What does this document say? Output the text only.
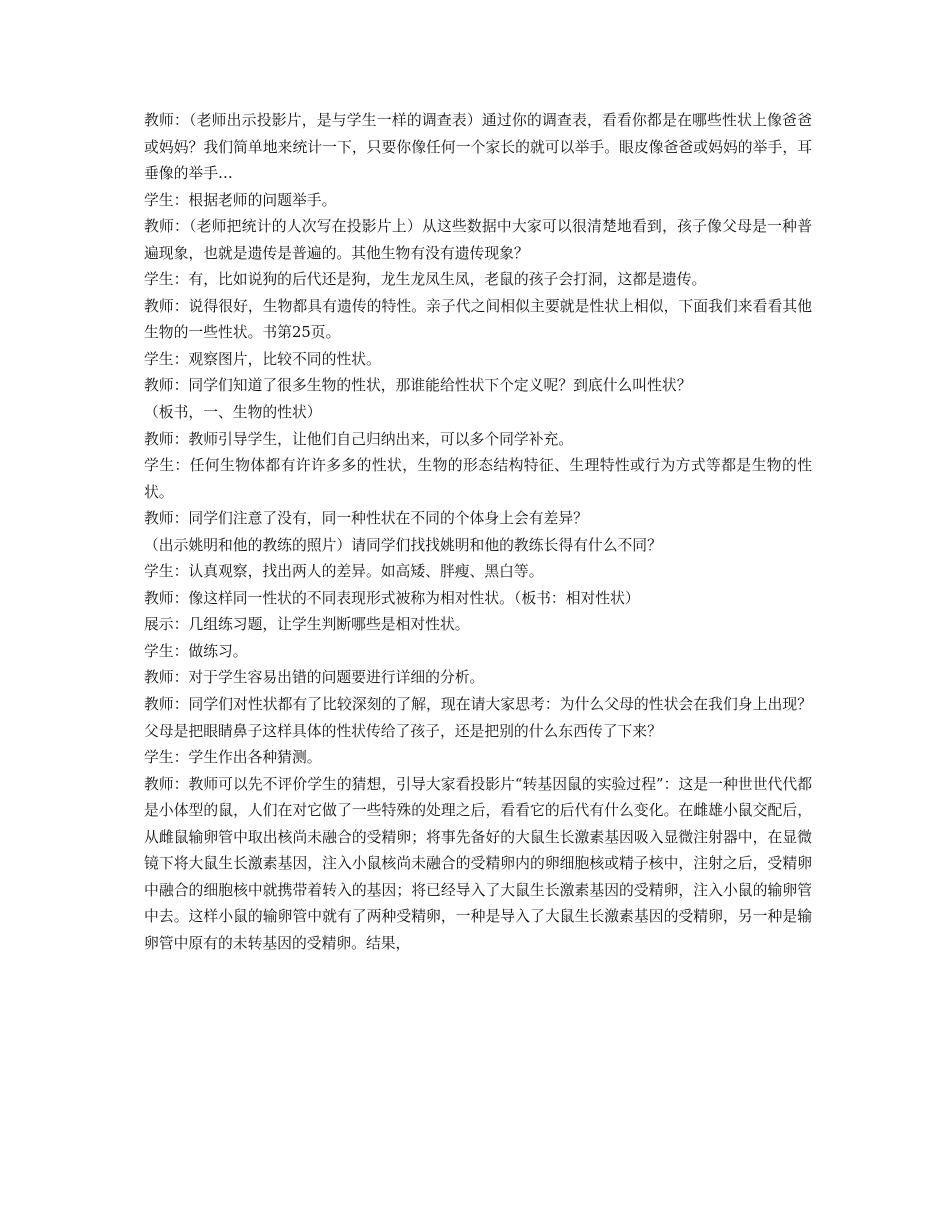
教师：（老师出示投影片，是与学生一样的调查表）通过你的调查表，看看你都是在哪些性状上像爸爸或妈妈？我们简单地来统计一下，只要你像任何一个家长的就可以举手。眼皮像爸爸或妈妈的举手，耳垂像的举手…

学生：根据老师的问题举手。

教师：（老师把统计的人次写在投影片上）从这些数据中大家可以很清楚地看到，孩子像父母是一种普遍现象，也就是遗传是普遍的。其他生物有没有遗传现象？

学生：有，比如说狗的后代还是狗，龙生龙凤生凤，老鼠的孩子会打洞，这都是遗传。

教师：说得很好，生物都具有遗传的特性。亲子代之间相似主要就是性状上相似，下面我们来看看其他生物的一些性状。书第25页。

学生：观察图片，比较不同的性状。

教师：同学们知道了很多生物的性状，那谁能给性状下个定义呢？到底什么叫性状？

（板书，一、生物的性状）

教师：教师引导学生，让他们自己归纳出来，可以多个同学补充。

学生：任何生物体都有许许多多的性状，生物的形态结构特征、生理特性或行为方式等都是生物的性状。

教师：同学们注意了没有，同一种性状在不同的个体身上会有差异？

（出示姚明和他的教练的照片）请同学们找找姚明和他的教练长得有什么不同？

学生：认真观察，找出两人的差异。如高矮、胖瘦、黑白等。

教师：像这样同一性状的不同表现形式被称为相对性状。（板书：相对性状）

展示：几组练习题，让学生判断哪些是相对性状。

学生：做练习。

教师：对于学生容易出错的问题要进行详细的分析。

教师：同学们对性状都有了比较深刻的了解，现在请大家思考：为什么父母的性状会在我们身上出现？父母是把眼睛鼻子这样具体的性状传给了孩子，还是把别的什么东西传了下来？

学生：学生作出各种猜测。

教师：教师可以先不评价学生的猜想，引导大家看投影片“转基因鼠的实验过程”：这是一种世世代代都是小体型的鼠，人们在对它做了一些特殊的处理之后，看看它的后代有什么变化。在雌雄小鼠交配后，从雌鼠输卵管中取出核尚未融合的受精卵；将事先备好的大鼠生长激素基因吸入显微注射器中，在显微镜下将大鼠生长激素基因，注入小鼠核尚未融合的受精卵内的卵细胞核或精子核中，注射之后，受精卵中融合的细胞核中就携带着转入的基因；将已经导入了大鼠生长激素基因的受精卵，注入小鼠的输卵管中去。这样小鼠的输卵管中就有了两种受精卵，一种是导入了大鼠生长激素基因的受精卵，另一种是输卵管中原有的未转基因的受精卵。结果，
